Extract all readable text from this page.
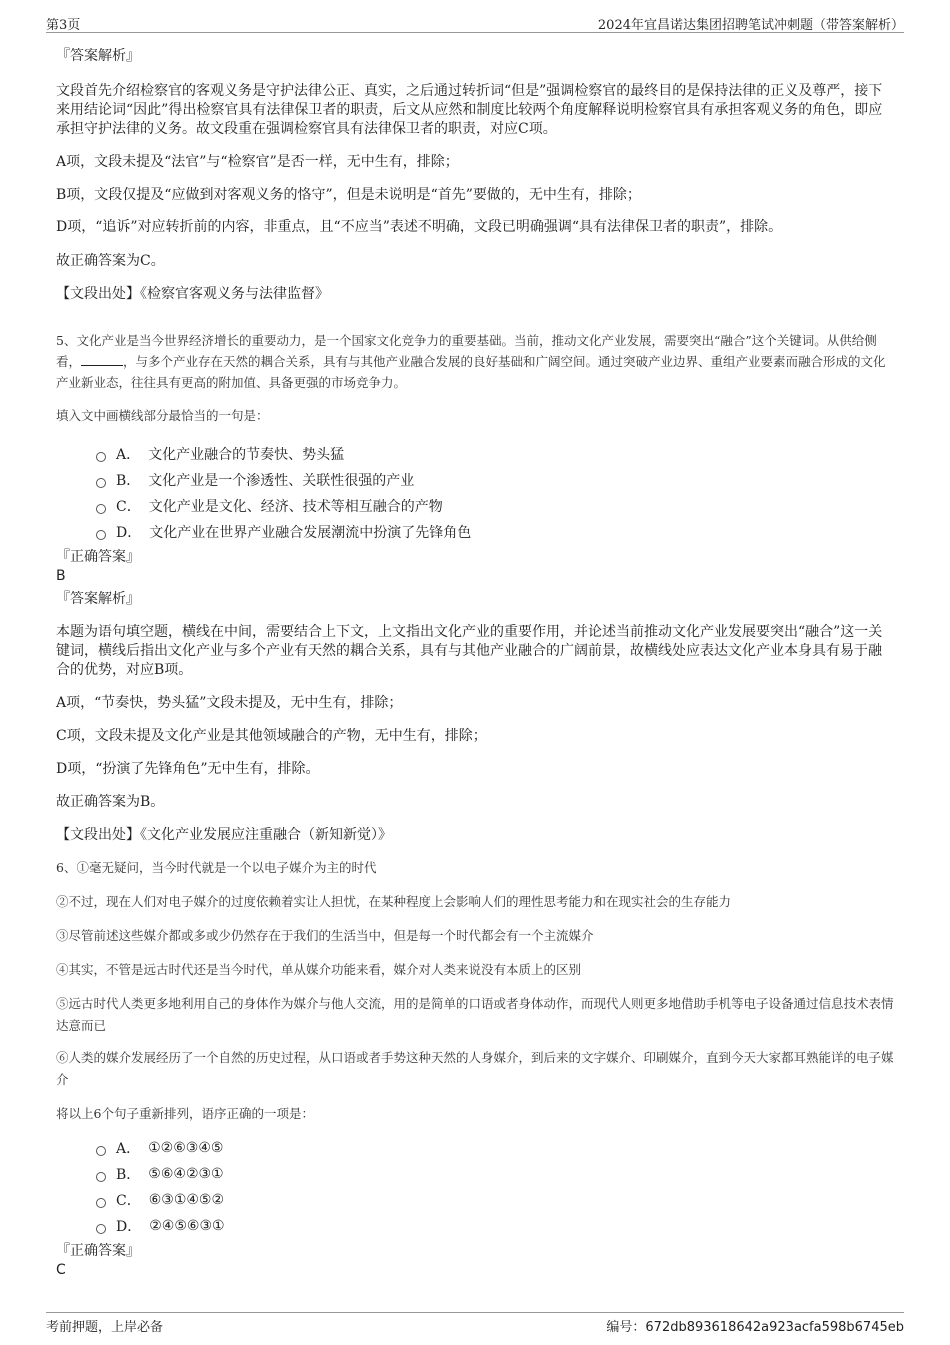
第3页	2024年宜昌诺达集团招聘笔试冲刺题（带答案解析）

『答案解析』

文段首先介绍检察官的客观义务是守护法律公正、真实，之后通过转折词“但是”强调检察官的最终目的是保持法律的正义及尊严，接下来用结论词“因此”得出检察官具有法律保卫者的职责，后文从应然和制度比较两个角度解释说明检察官具有承担客观义务的角色，即应承担守护法律的义务。故文段重在强调检察官具有法律保卫者的职责，对应C项。

A项，文段未提及“法官”与“检察官”是否一样，无中生有，排除；

B项，文段仅提及“应做到对客观义务的恪守”，但是未说明是“首先”要做的，无中生有，排除；

D项，“追诉”对应转折前的内容，非重点，且“不应当”表述不明确，文段已明确强调“具有法律保卫者的职责”，排除。

故正确答案为C。

【文段出处】《检察官客观义务与法律监督》

5、文化产业是当今世界经济增长的重要动力，是一个国家文化竞争力的重要基础。当前，推动文化产业发展，需要突出“融合”这个关键词。从供给侧看，	，与多个产业存在天然的耦合关系，具有与其他产业融合发展的良好基础和广阔空间。通过突破产业边界、重组产业要素而融合形成的文化产业新业态，往往具有更高的附加值、具备更强的市场竞争力。

填入文中画横线部分最恰当的一句是：

A． 文化产业融合的节奏快、势头猛
B． 文化产业是一个渗透性、关联性很强的产业
C． 文化产业是文化、经济、技术等相互融合的产物
D． 文化产业在世界产业融合发展潮流中扮演了先锋角色

『正确答案』

B

『答案解析』

本题为语句填空题，横线在中间，需要结合上下文，上文指出文化产业的重要作用，并论述当前推动文化产业发展要突出“融合”这一关键词，横线后指出文化产业与多个产业有天然的耦合关系，具有与其他产业融合的广阔前景，故横线处应表达文化产业本身具有易于融合的优势，对应B项。

A项，“节奏快，势头猛”文段未提及，无中生有，排除；

C项，文段未提及文化产业是其他领域融合的产物，无中生有，排除；

D项，“扮演了先锋角色”无中生有，排除。

故正确答案为B。

【文段出处】《文化产业发展应注重融合（新知新觉）》

6、①毫无疑问，当今时代就是一个以电子媒介为主的时代

②不过，现在人们对电子媒介的过度依赖着实让人担忧，在某种程度上会影响人们的理性思考能力和在现实社会的生存能力

③尽管前述这些媒介都或多或少仍然存在于我们的生活当中，但是每一个时代都会有一个主流媒介

④其实，不管是远古时代还是当今时代，单从媒介功能来看，媒介对人类来说没有本质上的区别

⑤远古时代人类更多地利用自己的身体作为媒介与他人交流，用的是简单的口语或者身体动作，而现代人则更多地借助手机等电子设备通过信息技术表情达意而已

⑥人类的媒介发展经历了一个自然的历史过程，从口语或者手势这种天然的人身媒介，到后来的文字媒介、印刷媒介，直到今天大家都耳熟能详的电子媒介

将以上6个句子重新排列，语序正确的一项是：

A． ①②⑥③④⑤
B． ⑤⑥④②③①
C． ⑥③①④⑤②
D． ②④⑤⑥③①

『正确答案』

C

考前押题，上岸必备	编号：672db893618642a923acfa598b6745eb
